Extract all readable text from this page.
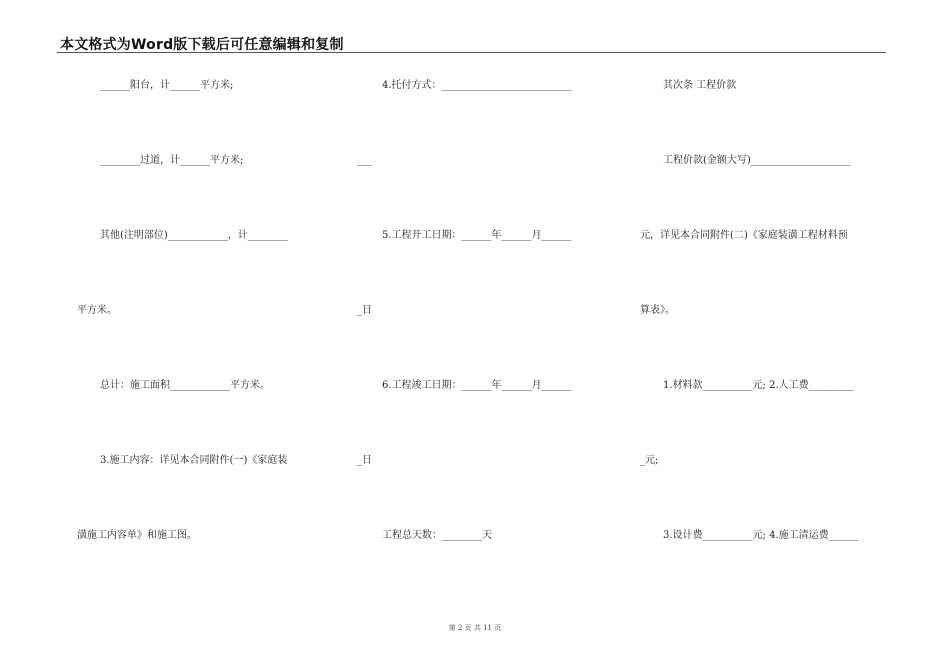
本文格式为Word版下载后可任意编辑和复制
______阳台，计______平方米;
________过道，计______平方米;
其他(注明部位)____________，计________
平方米。
总计：施工面积____________平方米。
3.施工内容：详见本合同附件(一)《家庭装
潢施工内容单》和施工图。
4.托付方式：__________________________
___
5.工程开工日期：______年______月______
_日
6.工程竣工日期：______年______月______
_日
工程总天数：________天
其次条 工程价款
工程价款(金额大写)____________________
元，详见本合同附件(二)《家庭装潢工程材料预
算表》。
1.材料款__________元; 2.人工费_________
_元;
3.设计费__________元; 4.施工清运费______
第 2 页 共 11 页
